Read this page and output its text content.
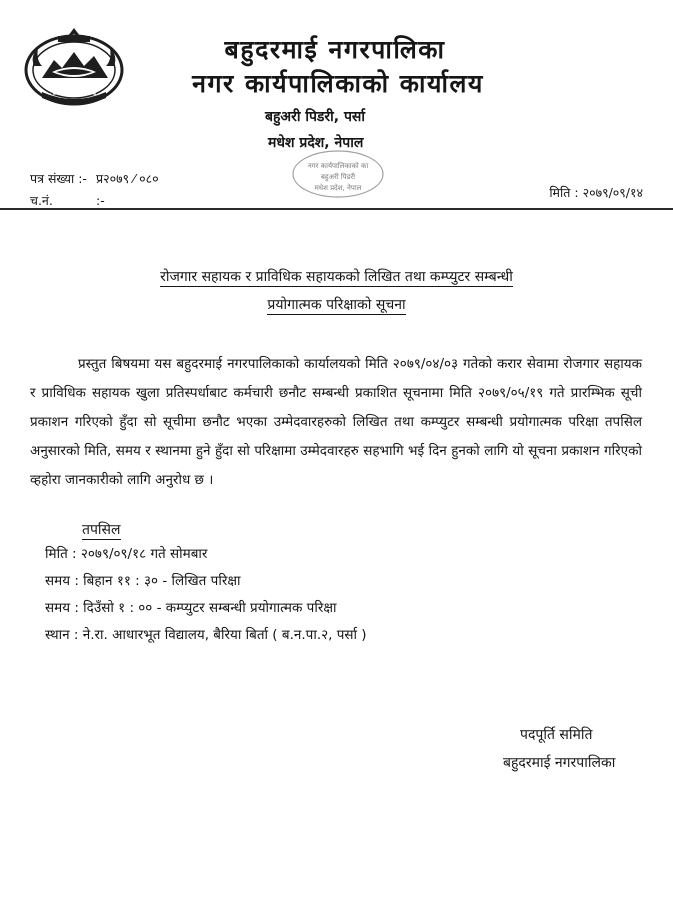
बहुदरमाई नगरपालिका
नगर कार्यपालिकाको कार्यालय
बहुअरी पिडरी, पर्सा
मधेश प्रदेश, नेपाल
नगर कार्यपालिकाको का
बहुअरी पिडरी
मधेश प्रदेश, नेपाल
पत्र संख्या :- प्र२०७९ ⁄ ०८०
च.नं.	:-
मिति : २०७९/०९/१४
रोजगार सहायक र प्राविधिक सहायकको लिखित तथा कम्प्युटर सम्बन्धी
प्रयोगात्मक परिक्षाको सूचना

प्रस्तुत बिषयमा यस बहुदरमाई नगरपालिकाको कार्यालयको मिति २०७९/०४/०३ गतेको करार सेवामा रोजगार सहायक र प्राविधिक सहायक खुला प्रतिस्पर्धाबाट कर्मचारी छनौट सम्बन्धी प्रकाशित सूचनामा मिति २०७९/०५/१९ गते प्रारम्भिक सूची प्रकाशन गरिएको हुँदा सो सूचीमा छनौट भएका उम्मेदवारहरुको लिखित तथा कम्प्युटर सम्बन्धी प्रयोगात्मक परिक्षा तपसिल अनुसारको मिति, समय र स्थानमा हुने हुँदा सो परिक्षामा उम्मेदवारहरु सहभागि भई दिन हुनको लागि यो सूचना प्रकाशन गरिएको व्हहोरा जानकारीको लागि अनुरोध छ ।

तपसिल
मिति : २०७९/०९/१८ गते सोमबार
समय : बिहान ११ : ३० - लिखित परिक्षा
समय : दिउँसो १ : ०० - कम्प्युटर सम्बन्धी प्रयोगात्मक परिक्षा
स्थान : ने.रा. आधारभूत विद्यालय, बैरिया बिर्ता ( ब.न.पा.२, पर्सा )
पदपूर्ति समिति
बहुदरमाई नगरपालिका
